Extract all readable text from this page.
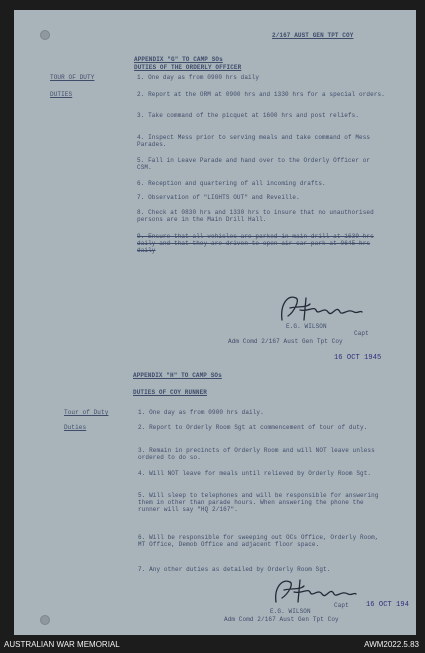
2/167 AUST GEN TPT COY
APPENDIX "G" TO CAMP SOs
DUTIES OF THE ORDERLY OFFICER
TOUR OF DUTY
DUTIES
1. One day as from 0900 hrs daily
2. Report at the ORM at 0900 hrs and 1330 hrs for a special orders.
3. Take command of the picquet at 1600 hrs and post reliefs.
4. Inspect Mess prior to serving meals and take command of Mess Parades.
5. Fall in Leave Parade and hand over to the Orderly Officer or CSM.
6. Reception and quartering of all incoming drafts.
7. Observation of "LIGHTS OUT" and Reveille.
8. Check at 0830 hrs and 1330 hrs to insure that no unauthorised persons are in the Main Drill Hall.
9. Ensure that all vehicles are parked in main drill at 1630 hrs daily and that they are driven to open air car park at 0645 hrs daily
E.G. WILSON
Capt
Adm Comd 2/167 Aust Gen Tpt Coy
16 OCT 1945
APPENDIX "H" TO CAMP SOs
DUTIES OF COY RUNNER
Tour of Duty
Duties
1. One day as from 0900 hrs daily.
2. Report to Orderly Room Sgt at commencement of tour of duty.
3. Remain in precincts of Orderly Room and will NOT leave unless ordered to do so.
4. Will NOT leave for meals until relieved by Orderly Room Sgt.
5. Will sleep to telephones and will be responsible for answering them in other than parade hours. When answering the phone the runner will say "HQ 2/167".
6. Will be responsible for sweeping out OCs Office, Orderly Room, MT Office, Demob Office and adjacent floor space.
7. Any other duties as detailed by Orderly Room Sgt.
E.G. WILSON
Capt 16 OCT 194
Adm Comd 2/167 Aust Gen Tpt Coy
AUSTRALIAN WAR MEMORIAL	AWM2022.5.83
